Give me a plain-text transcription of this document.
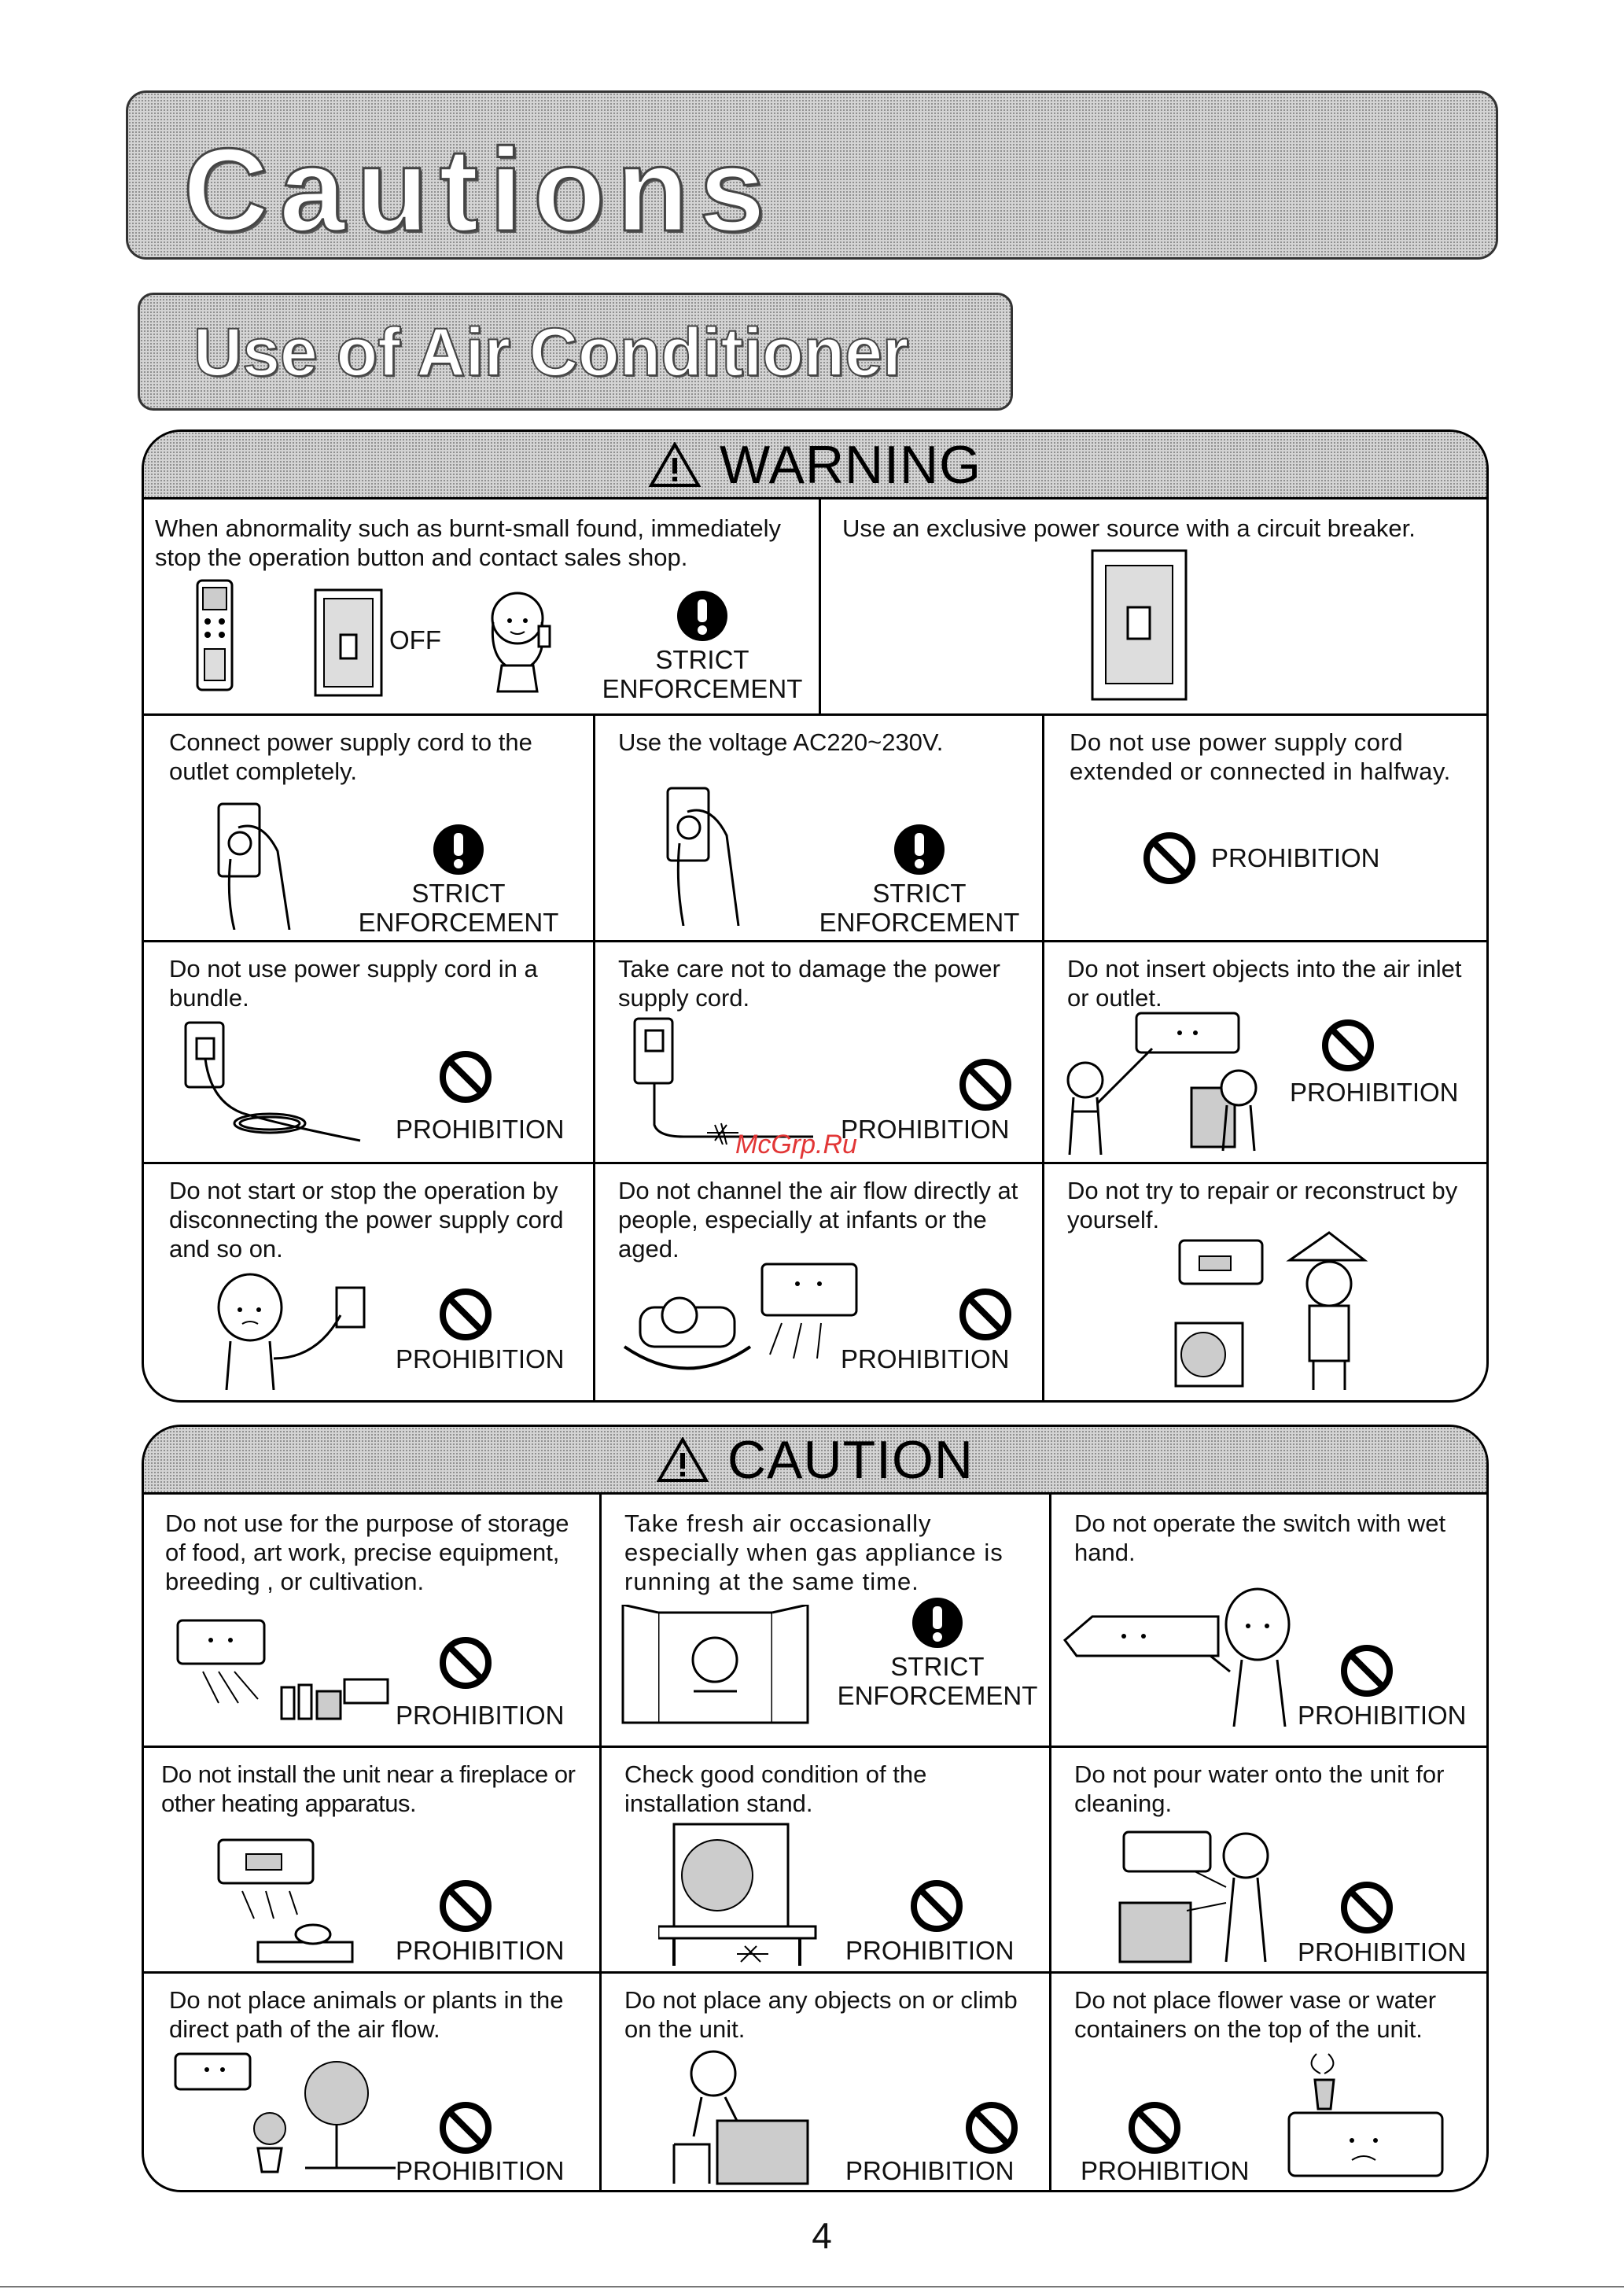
Cautions
Use of Air Conditioner
WARNING
When abnormality such as burnt-small found, immediately stop the operation button and contact sales shop.
OFF
STRICT
ENFORCEMENT
Use an exclusive power source with a circuit breaker.
Connect power supply cord to the outlet completely.
STRICT
ENFORCEMENT
Use the voltage AC220~230V.
STRICT
ENFORCEMENT
Do not use power supply cord extended or connected in halfway.
PROHIBITION
Do not use power supply cord in a bundle.
PROHIBITION
Take care not to damage the power supply cord.
PROHIBITION
Do not insert objects into the air inlet or outlet.
PROHIBITION
Do not start or stop the operation by disconnecting the power supply cord and so on.
PROHIBITION
Do not channel the air flow directly at people, especially at infants or the aged.
PROHIBITION
Do not try to repair or reconstruct by yourself.
CAUTION
Do not use for the purpose of storage of food, art work, precise equipment, breeding , or cultivation.
PROHIBITION
Take fresh air occasionally especially when gas appliance is running at the same time.
STRICT
ENFORCEMENT
Do not operate the switch with wet hand.
PROHIBITION
Do not install the unit near a fireplace or other heating apparatus.
PROHIBITION
Check good condition of the installation stand.
PROHIBITION
Do not pour water onto the unit for cleaning.
PROHIBITION
Do not place animals or plants in the direct path of the air flow.
PROHIBITION
Do not place any objects on or climb on the unit.
PROHIBITION
Do not place flower vase or water containers on the top of the unit.
PROHIBITION
McGrp.Ru
4
